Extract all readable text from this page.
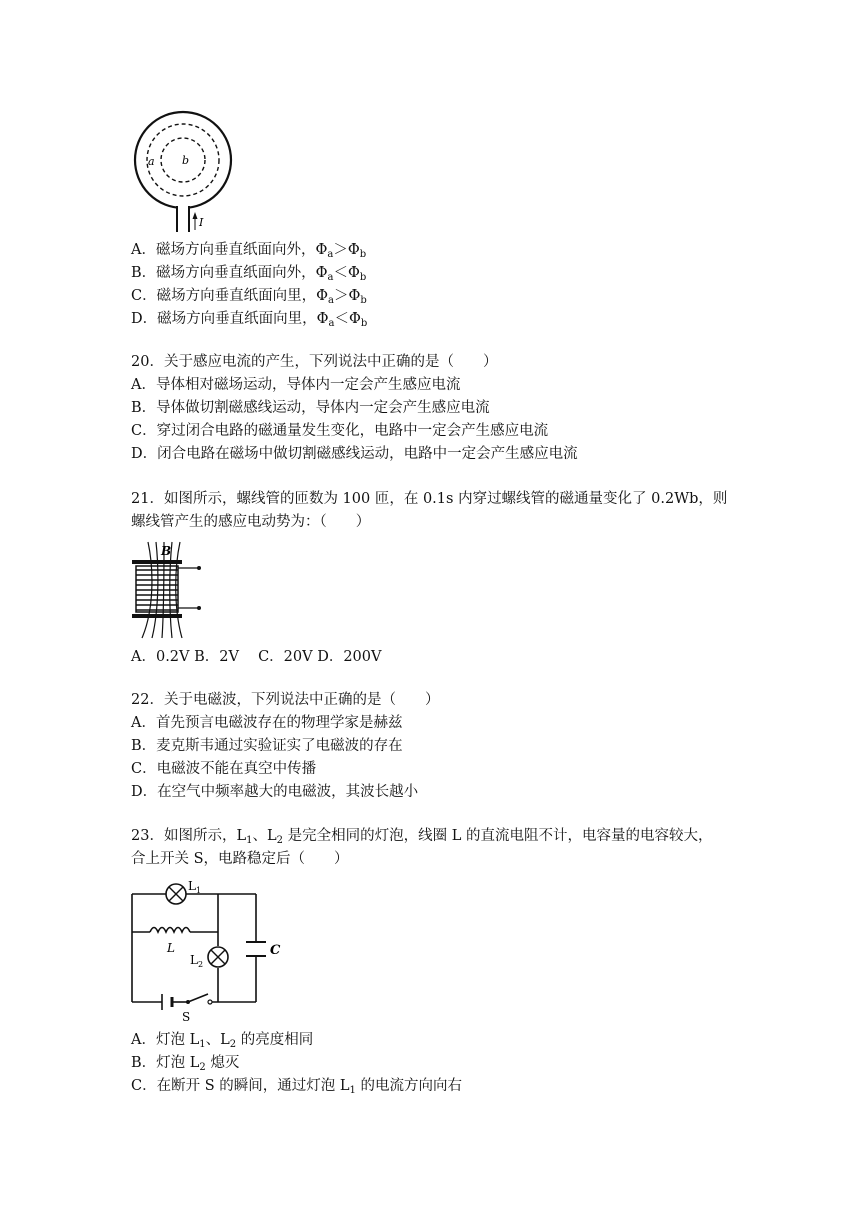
a b
I
A．磁场方向垂直纸面向外，$\Phi_a>\Phi_b$
B．磁场方向垂直纸面向外，$\Phi_a<\Phi_b$
C．磁场方向垂直纸面向里，$\Phi_a>\Phi_b$
D．磁场方向垂直纸面向里，$\Phi_a<\Phi_b$
20．关于感应电流的产生，下列说法中正确的是（　　）
A．导体相对磁场运动，导体内一定会产生感应电流
B．导体做切割磁感线运动，导体内一定会产生感应电流
C．穿过闭合电路的磁通量发生变化，电路中一定会产生感应电流
D．闭合电路在磁场中做切割磁感线运动，电路中一定会产生感应电流
21．如图所示，螺线管的匝数为 100 匝，在 0.1s 内穿过螺线管的磁通量变化了 0.2Wb，则
螺线管产生的感应电动势为：（　　）
B
A．0.2V B．2V　 C．20V D．200V
22．关于电磁波，下列说法中正确的是（　　）
A．首先预言电磁波存在的物理学家是赫兹
B．麦克斯韦通过实验证实了电磁波的存在
C．电磁波不能在真空中传播
D．在空气中频率越大的电磁波，其波长越小
23．如图所示，$L_1$、$L_2$ 是完全相同的灯泡，线圈 L 的直流电阻不计，电容量的电容较大，
合上开关 S，电路稳定后（　　）
$L_1$
L
$L_2$
C
S
A．灯泡 $L_1$、$L_2$ 的亮度相同
B．灯泡 $L_2$ 熄灭
C．在断开 S 的瞬间，通过灯泡 $L_1$ 的电流方向向右
